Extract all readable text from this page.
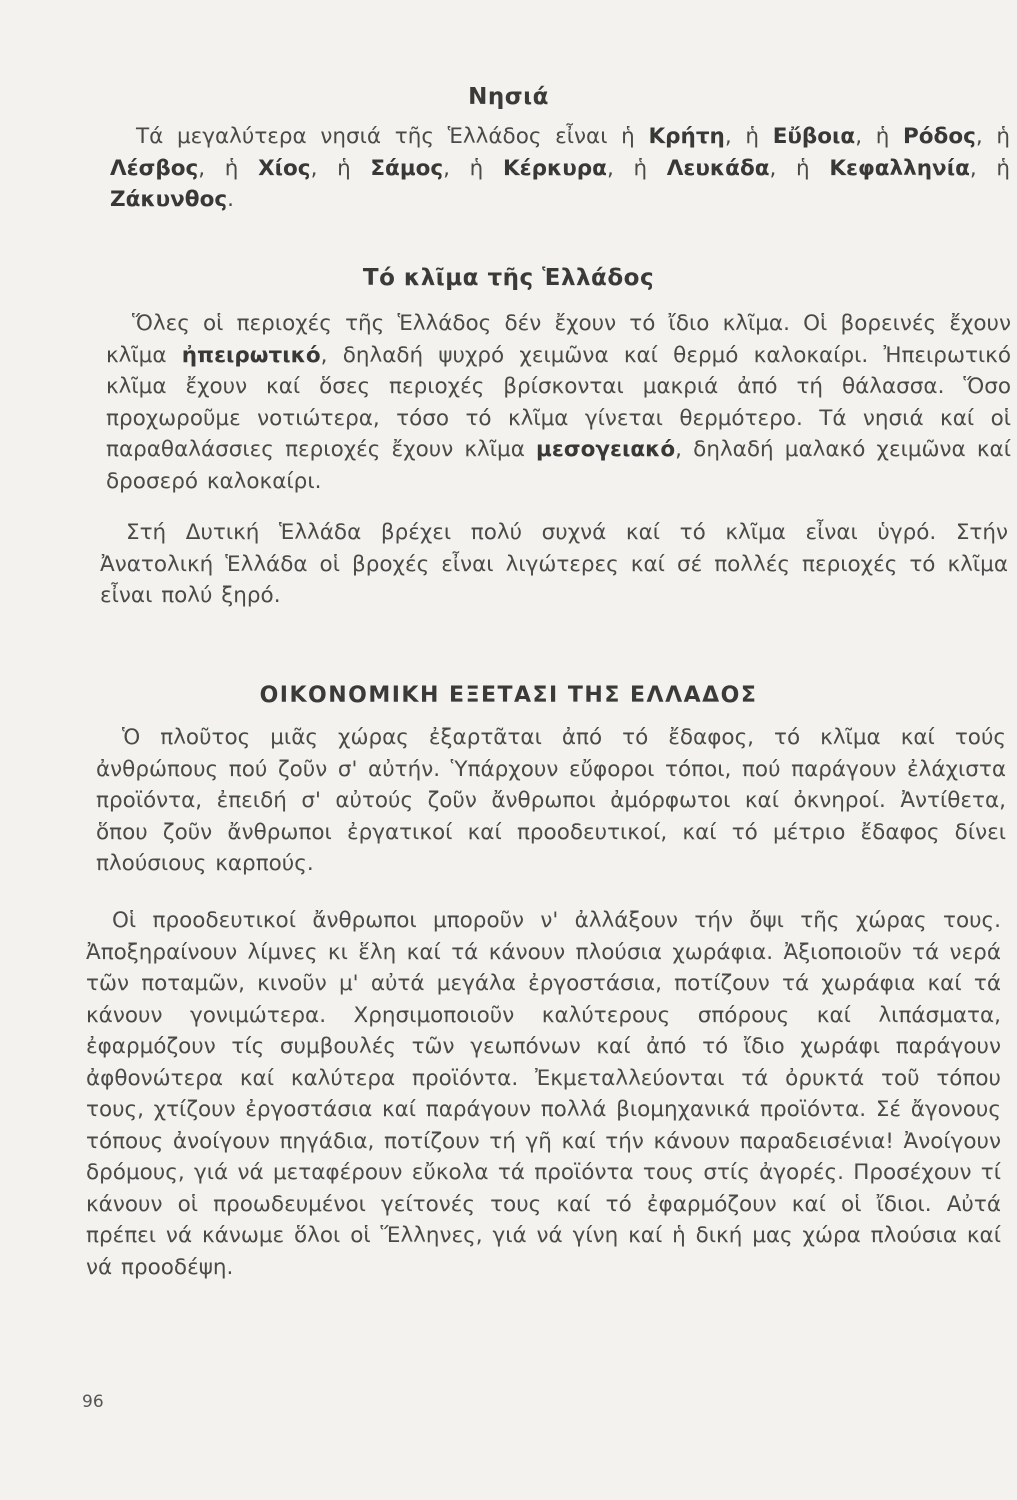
Νησιά

Τά μεγαλύτερα νησιά τῆς Ἑλλάδος εἶναι ἡ Κρήτη, ἡ Εὔβοια, ἡ Ρόδος, ἡ Λέσβος, ἡ Χίος, ἡ Σάμος, ἡ Κέρκυρα, ἡ Λευκάδα, ἡ Κεφαλληνία, ἡ Ζάκυνθος.

Τό κλῖμα τῆς Ἑλλάδος

Ὅλες οἱ περιοχές τῆς Ἑλλάδος δέν ἔχουν τό ἴδιο κλῖμα. Οἱ βορεινές ἔχουν κλῖμα ἠπειρωτικό, δηλαδή ψυχρό χειμῶνα καί θερμό καλοκαίρι. Ἠπειρωτικό κλῖμα ἔχουν καί ὅσες περιοχές βρίσκονται μακριά ἀπό τή θάλασσα. Ὅσο προχωροῦμε νοτιώτερα, τόσο τό κλῖμα γίνεται θερμότερο. Τά νησιά καί οἱ παραθαλάσσιες περιοχές ἔχουν κλῖμα μεσογειακό, δηλαδή μαλακό χειμῶνα καί δροσερό καλοκαίρι.

Στή Δυτική Ἑλλάδα βρέχει πολύ συχνά καί τό κλῖμα εἶναι ὑγρό. Στήν Ἀνατολική Ἑλλάδα οἱ βροχές εἶναι λιγώτερες καί σέ πολλές περιοχές τό κλῖμα εἶναι πολύ ξηρό.

ΟΙΚΟΝΟΜΙΚΗ ΕΞΕΤΑΣΙ ΤΗΣ ΕΛΛΑΔΟΣ

Ὁ πλοῦτος μιᾶς χώρας ἐξαρτᾶται ἀπό τό ἔδαφος, τό κλῖμα καί τούς ἀνθρώπους πού ζοῦν σ' αὐτήν. Ὑπάρχουν εὔφοροι τόποι, πού παράγουν ἐλάχιστα προϊόντα, ἐπειδή σ' αὐτούς ζοῦν ἄνθρωποι ἀμόρφωτοι καί ὀκνηροί. Ἀντίθετα, ὅπου ζοῦν ἄνθρωποι ἐργατικοί καί προοδευτικοί, καί τό μέτριο ἔδαφος δίνει πλούσιους καρπούς.

Οἱ προοδευτικοί ἄνθρωποι μποροῦν ν' ἀλλάξουν τήν ὄψι τῆς χώρας τους. Ἀποξηραίνουν λίμνες κι ἕλη καί τά κάνουν πλούσια χωράφια. Ἀξιοποιοῦν τά νερά τῶν ποταμῶν, κινοῦν μ' αὐτά μεγάλα ἐργοστάσια, ποτίζουν τά χωράφια καί τά κάνουν γονιμώτερα. Χρησιμοποιοῦν καλύτερους σπόρους καί λιπάσματα, ἐφαρμόζουν τίς συμβουλές τῶν γεωπόνων καί ἀπό τό ἴδιο χωράφι παράγουν ἀφθονώτερα καί καλύτερα προϊόντα. Ἐκμεταλλεύονται τά ὀρυκτά τοῦ τόπου τους, χτίζουν ἐργοστάσια καί παράγουν πολλά βιομηχανικά προϊόντα. Σέ ἄγονους τόπους ἀνοίγουν πηγάδια, ποτίζουν τή γῆ καί τήν κάνουν παραδεισένια! Ἀνοίγουν δρόμους, γιά νά μεταφέρουν εὔκολα τά προϊόντα τους στίς ἀγορές. Προσέχουν τί κάνουν οἱ προωδευμένοι γείτονές τους καί τό ἐφαρμόζουν καί οἱ ἴδιοι. Αὐτά πρέπει νά κάνωμε ὅλοι οἱ Ἕλληνες, γιά νά γίνη καί ἡ δική μας χώρα πλούσια καί νά προοδέψη.

96
